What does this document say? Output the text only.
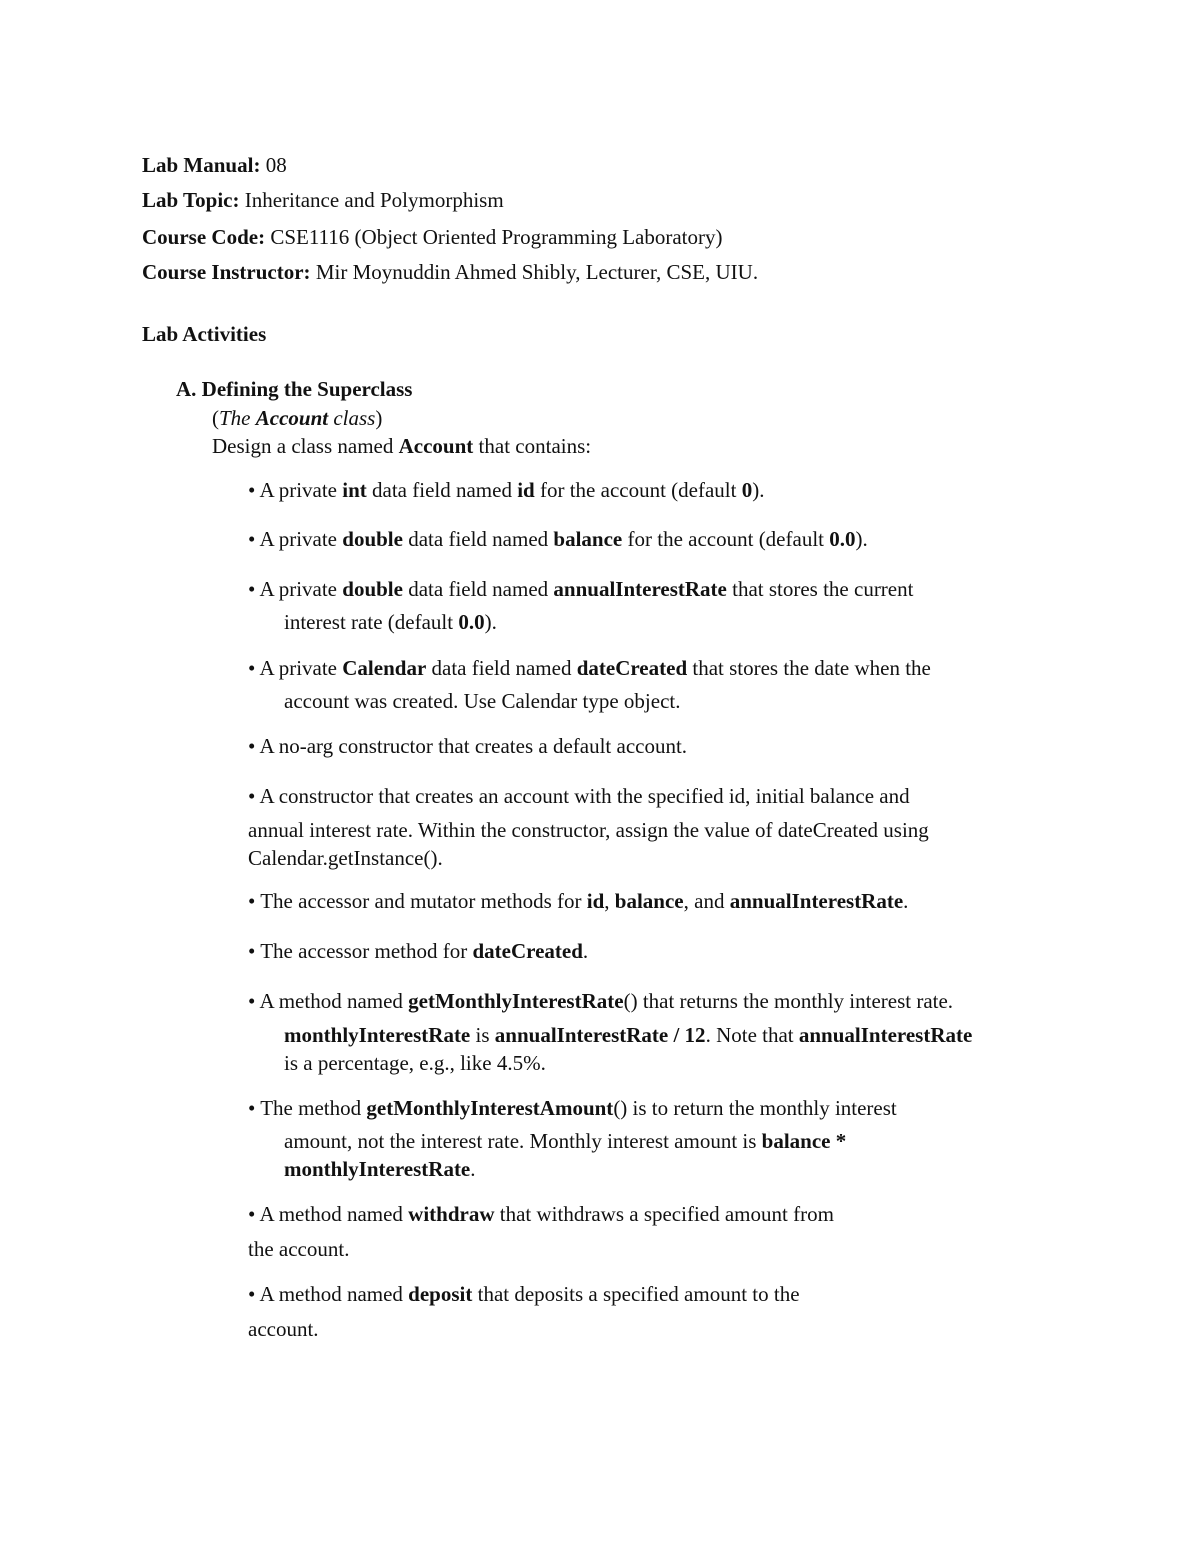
Lab Manual: 08
Lab Topic: Inheritance and Polymorphism
Course Code: CSE1116 (Object Oriented Programming Laboratory)
Course Instructor: Mir Moynuddin Ahmed Shibly, Lecturer, CSE, UIU.
Lab Activities
A. Defining the Superclass
(The Account class)
Design a class named Account that contains:
• A private int data field named id for the account (default 0).
• A private double data field named balance for the account (default 0.0).
• A private double data field named annualInterestRate that stores the current
interest rate (default 0.0).
• A private Calendar data field named dateCreated that stores the date when the
account was created. Use Calendar type object.
• A no-arg constructor that creates a default account.
• A constructor that creates an account with the specified id, initial balance and
annual interest rate. Within the constructor, assign the value of dateCreated using
Calendar.getInstance().
• The accessor and mutator methods for id, balance, and annualInterestRate.
• The accessor method for dateCreated.
• A method named getMonthlyInterestRate() that returns the monthly interest rate.
monthlyInterestRate is annualInterestRate / 12. Note that annualInterestRate
is a percentage, e.g., like 4.5%.
• The method getMonthlyInterestAmount() is to return the monthly interest
amount, not the interest rate. Monthly interest amount is balance *
monthlyInterestRate.
• A method named withdraw that withdraws a specified amount from
the account.
• A method named deposit that deposits a specified amount to the
account.
